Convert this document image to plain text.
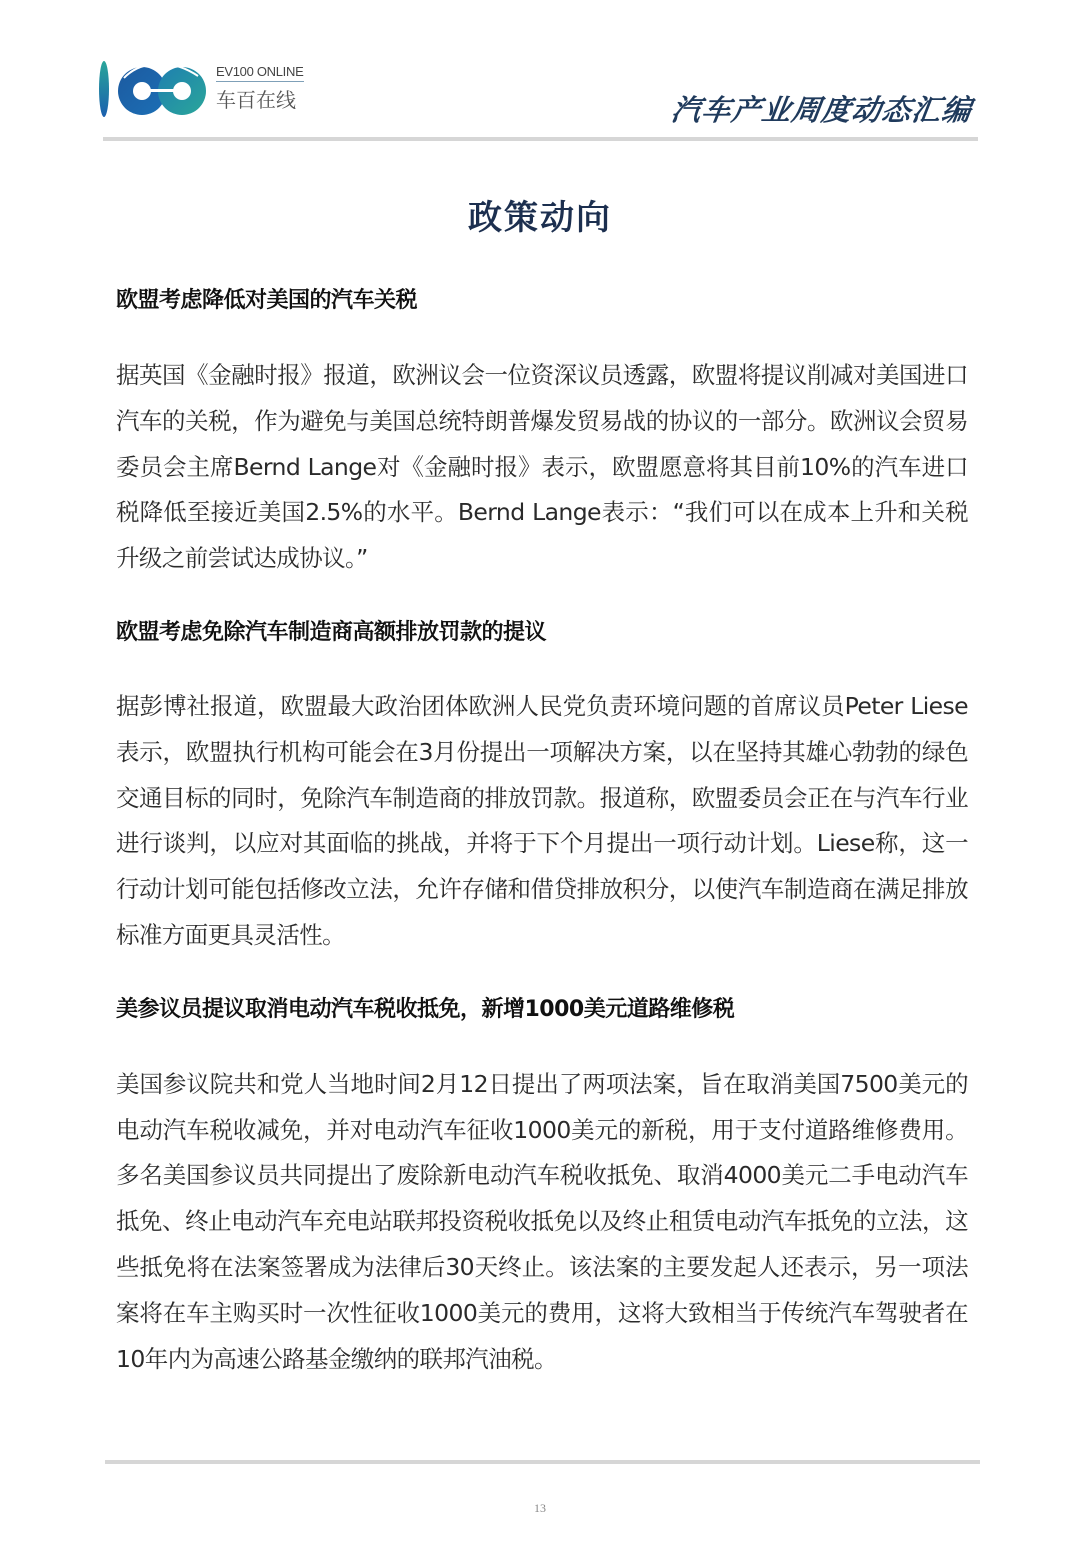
EV100 ONLINE
车百在线	汽车产业周度动态汇编
政策动向
欧盟考虑降低对美国的汽车关税

据英国《金融时报》报道，欧洲议会一位资深议员透露，欧盟将提议削减对美国进口汽车的关税，作为避免与美国总统特朗普爆发贸易战的协议的一部分。欧洲议会贸易委员会主席Bernd Lange对《金融时报》表示，欧盟愿意将其目前10%的汽车进口税降低至接近美国2.5%的水平。Bernd Lange表示：“我们可以在成本上升和关税升级之前尝试达成协议。”

欧盟考虑免除汽车制造商高额排放罚款的提议

据彭博社报道，欧盟最大政治团体欧洲人民党负责环境问题的首席议员Peter Liese表示，欧盟执行机构可能会在3月份提出一项解决方案，以在坚持其雄心勃勃的绿色交通目标的同时，免除汽车制造商的排放罚款。报道称，欧盟委员会正在与汽车行业进行谈判，以应对其面临的挑战，并将于下个月提出一项行动计划。Liese称，这一行动计划可能包括修改立法，允许存储和借贷排放积分，以使汽车制造商在满足排放标准方面更具灵活性。

美参议员提议取消电动汽车税收抵免，新增1000美元道路维修税

美国参议院共和党人当地时间2月12日提出了两项法案，旨在取消美国7500美元的电动汽车税收减免，并对电动汽车征收1000美元的新税，用于支付道路维修费用。多名美国参议员共同提出了废除新电动汽车税收抵免、取消4000美元二手电动汽车抵免、终止电动汽车充电站联邦投资税收抵免以及终止租赁电动汽车抵免的立法，这些抵免将在法案签署成为法律后30天终止。该法案的主要发起人还表示，另一项法案将在车主购买时一次性征收1000美元的费用，这将大致相当于传统汽车驾驶者在10年内为高速公路基金缴纳的联邦汽油税。

13
